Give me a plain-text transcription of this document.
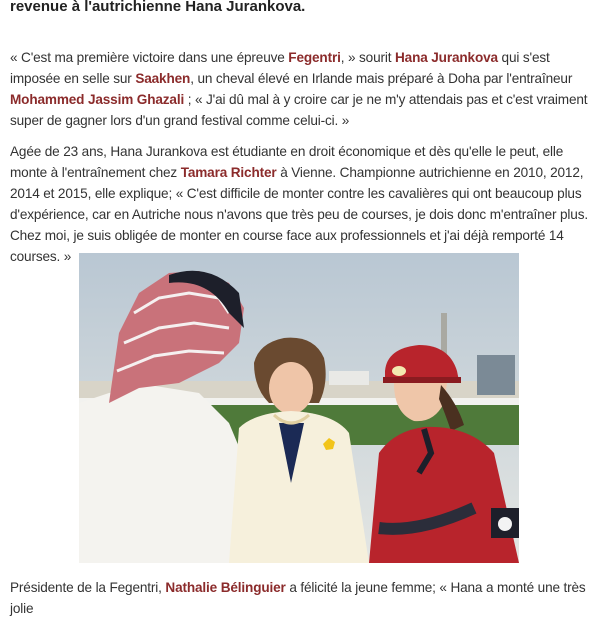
revenue à l'autrichienne Hana Jurankova.

« C'est ma première victoire dans une épreuve Fegentri, » sourit Hana Jurankova qui s'est imposée en selle sur Saakhen, un cheval élevé en Irlande mais préparé à Doha par l'entraîneur Mohammed Jassim Ghazali ; « J'ai dû mal à y croire car je ne m'y attendais pas et c'est vraiment super de gagner lors d'un grand festival comme celui-ci. »

Agée de 23 ans, Hana Jurankova est étudiante en droit économique et dès qu'elle le peut, elle monte à l'entraînement chez Tamara Richter à Vienne. Championne autrichienne en 2010, 2012, 2014 et 2015, elle explique; « C'est difficile de monter contre les cavalières qui ont beaucoup plus d'expérience, car en Autriche nous n'avons que très peu de courses, je dois donc m'entraîner plus. Chez moi, je suis obligée de monter en course face aux professionnels et j'ai déjà remporté 14 courses. »

Présidente de la Fegentri, Nathalie Bélinguier a félicité la jeune femme; « Hana a monté une très jolie
